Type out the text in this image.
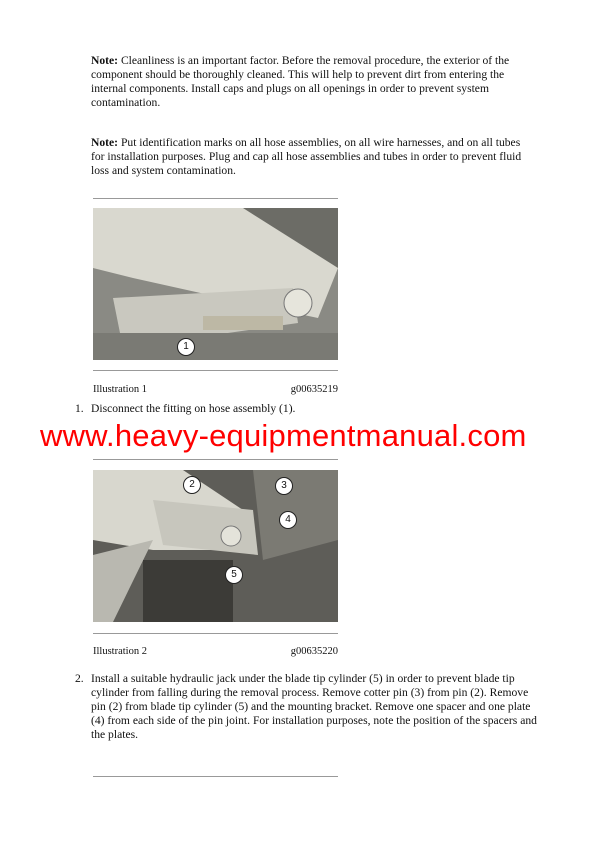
Note: Cleanliness is an important factor. Before the removal procedure, the exterior of the component should be thoroughly cleaned. This will help to prevent dirt from entering the internal components. Install caps and plugs on all openings in order to prevent system contamination.

Note: Put identification marks on all hose assemblies, on all wire harnesses, and on all tubes for installation purposes. Plug and cap all hose assemblies and tubes in order to prevent fluid loss and system contamination.

1
Illustration 1	g00635219
1. Disconnect the fitting on hose assembly (1).
www.heavy-equipmentmanual.com
2	3
4
5
Illustration 2	g00635220
2. Install a suitable hydraulic jack under the blade tip cylinder (5) in order to prevent blade tip cylinder from falling during the removal process. Remove cotter pin (3) from pin (2). Remove pin (2) from blade tip cylinder (5) and the mounting bracket. Remove one spacer and one plate (4) from each side of the pin joint. For installation purposes, note the position of the spacers and the plates.
